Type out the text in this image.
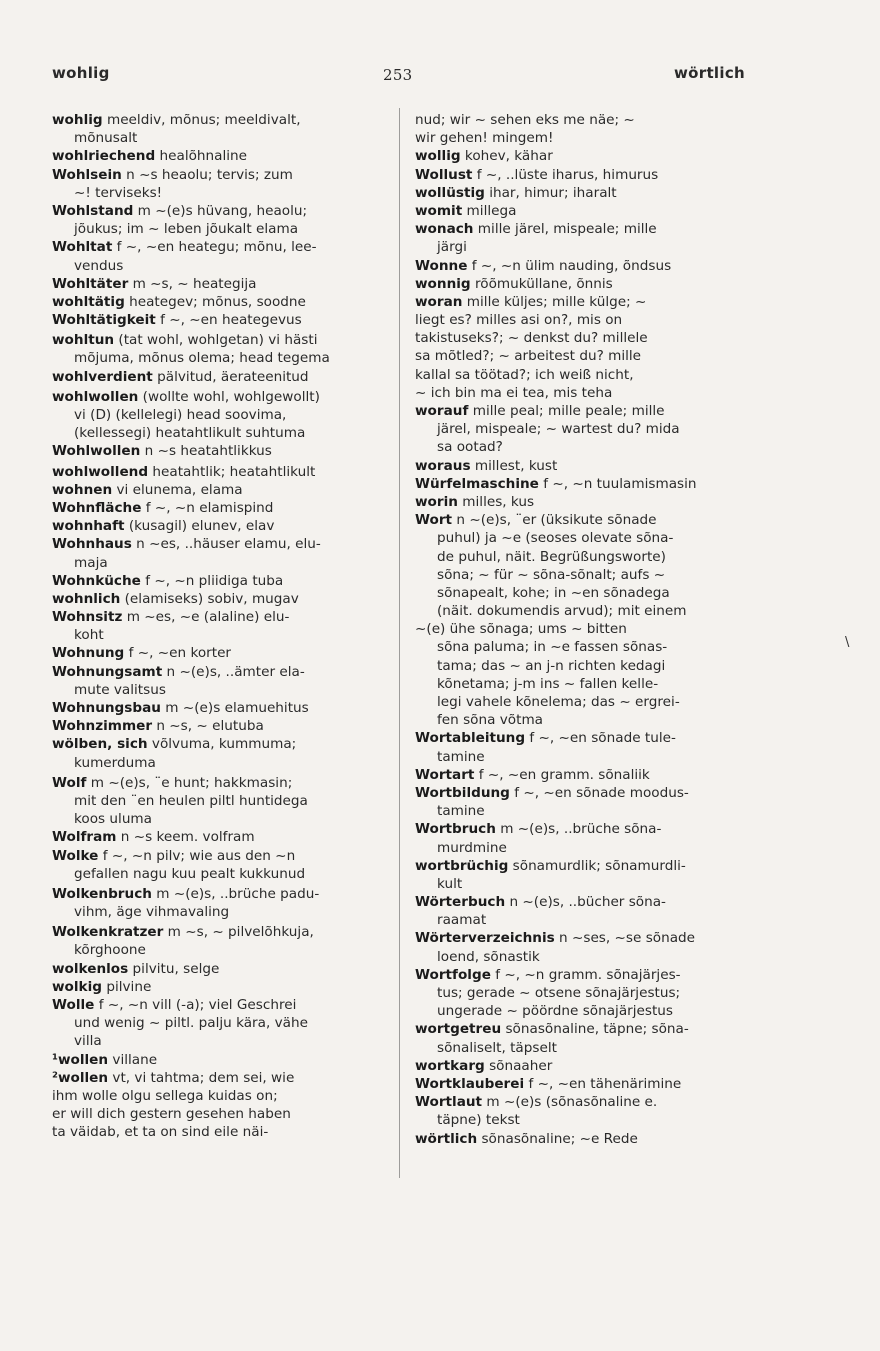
wohlig	253	wörtlich
wohlig meeldiv, mõnus; meeldivalt,
mõnusalt
wohlriechend healõhnaline
Wohlsein n ~s heaolu; tervis; zum
~! terviseks!
Wohlstand m ~(e)s hüvang, heaolu;
jõukus; im ~ leben jõukalt elama
Wohltat f ~, ~en heategu; mõnu, lee-
vendus
Wohltäter m ~s, ~ heategija
wohltätig heategev; mõnus, soodne
Wohltätigkeit f ~, ~en heategevus
wohltun (tat wohl, wohlgetan) vi hästi
mõjuma, mõnus olema; head tegema
wohlverdient pälvitud, äerateenitud
wohlwollen (wollte wohl, wohlgewollt)
vi (D) (kellelegi) head soovima,
(kellessegi) heatahtlikult suhtuma
Wohlwollen n ~s heatahtlikkus
wohlwollend heatahtlik; heatahtlikult
wohnen vi elunema, elama
Wohnfläche f ~, ~n elamispind
wohnhaft (kusagil) elunev, elav
Wohnhaus n ~es, ..häuser elamu, elu-
maja
Wohnküche f ~, ~n pliidiga tuba
wohnlich (elamiseks) sobiv, mugav
Wohnsitz m ~es, ~e (alaline) elu-
koht
Wohnung f ~, ~en korter
Wohnungsamt n ~(e)s, ..ämter ela-
mute valitsus
Wohnungsbau m ~(e)s elamuehitus
Wohnzimmer n ~s, ~ elutuba
wölben, sich võlvuma, kummuma;
kumerduma
Wolf m ~(e)s, ¨e hunt; hakkmasin;
mit den ¨en heulen piltl huntidega
koos uluma
Wolfram n ~s keem. volfram
Wolke f ~, ~n pilv; wie aus den ~n
gefallen nagu kuu pealt kukkunud
Wolkenbruch m ~(e)s, ..brüche padu-
vihm, äge vihmavaling
Wolkenkratzer m ~s, ~ pilvelõhkuja,
kõrghoone
wolkenlos pilvitu, selge
wolkig pilvine
Wolle f ~, ~n vill (-a); viel Geschrei
und wenig ~ piltl. palju kära, vähe
villa
¹wollen villane
²wollen vt, vi tahtma; dem sei, wie
ihm wolle olgu sellega kuidas on;
er will dich gestern gesehen haben
ta väidab, et ta on sind eile näi-
nud; wir ~ sehen eks me näe; ~
wir gehen! mingem!
wollig kohev, kähar
Wollust f ~, ..lüste iharus, himurus
wollüstig ihar, himur; iharalt
womit millega
wonach mille järel, mispeale; mille
järgi
Wonne f ~, ~n ülim nauding, õndsus
wonnig rõõmuküllane, õnnis
woran mille küljes; mille külge; ~
liegt es? milles asi on?, mis on
takistuseks?; ~ denkst du? millele
sa mõtled?; ~ arbeitest du? mille
kallal sa töötad?; ich weiß nicht,
~ ich bin ma ei tea, mis teha
worauf mille peal; mille peale; mille
järel, mispeale; ~ wartest du? mida
sa ootad?
woraus millest, kust
Würfelmaschine f ~, ~n tuulamismasin
worin milles, kus
Wort n ~(e)s, ¨er (üksikute sõnade
puhul) ja ~e (seoses olevate sõna-
de puhul, näit. Begrüßungsworte)
sõna; ~ für ~ sõna-sõnalt; aufs ~
sõnapealt, kohe; in ~en sõnadega
(näit. dokumendis arvud); mit einem
~(e) ühe sõnaga; ums ~ bitten
sõna paluma; in ~e fassen sõnas-
tama; das ~ an j-n richten kedagi
kõnetama; j-m ins ~ fallen kelle-
legi vahele kõnelema; das ~ ergrei-
fen sõna võtma
Wortableitung f ~, ~en sõnade tule-
tamine
Wortart f ~, ~en gramm. sõnaliik
Wortbildung f ~, ~en sõnade moodus-
tamine
Wortbruch m ~(e)s, ..brüche sõna-
murdmine
wortbrüchig sõnamurdlik; sõnamurdli-
kult
Wörterbuch n ~(e)s, ..bücher sõna-
raamat
Wörterverzeichnis n ~ses, ~se sõnade
loend, sõnastik
Wortfolge f ~, ~n gramm. sõnajärjes-
tus; gerade ~ otsene sõnajärjestus;
ungerade ~ pöördne sõnajärjestus
wortgetreu sõnasõnaline, täpne; sõna-
sõnaliselt, täpselt
wortkarg sõnaaher
Wortklauberei f ~, ~en tähenärimine
Wortlaut m ~(e)s (sõnasõnaline e.
täpne) tekst
wörtlich sõnasõnaline; ~e Rede
\
